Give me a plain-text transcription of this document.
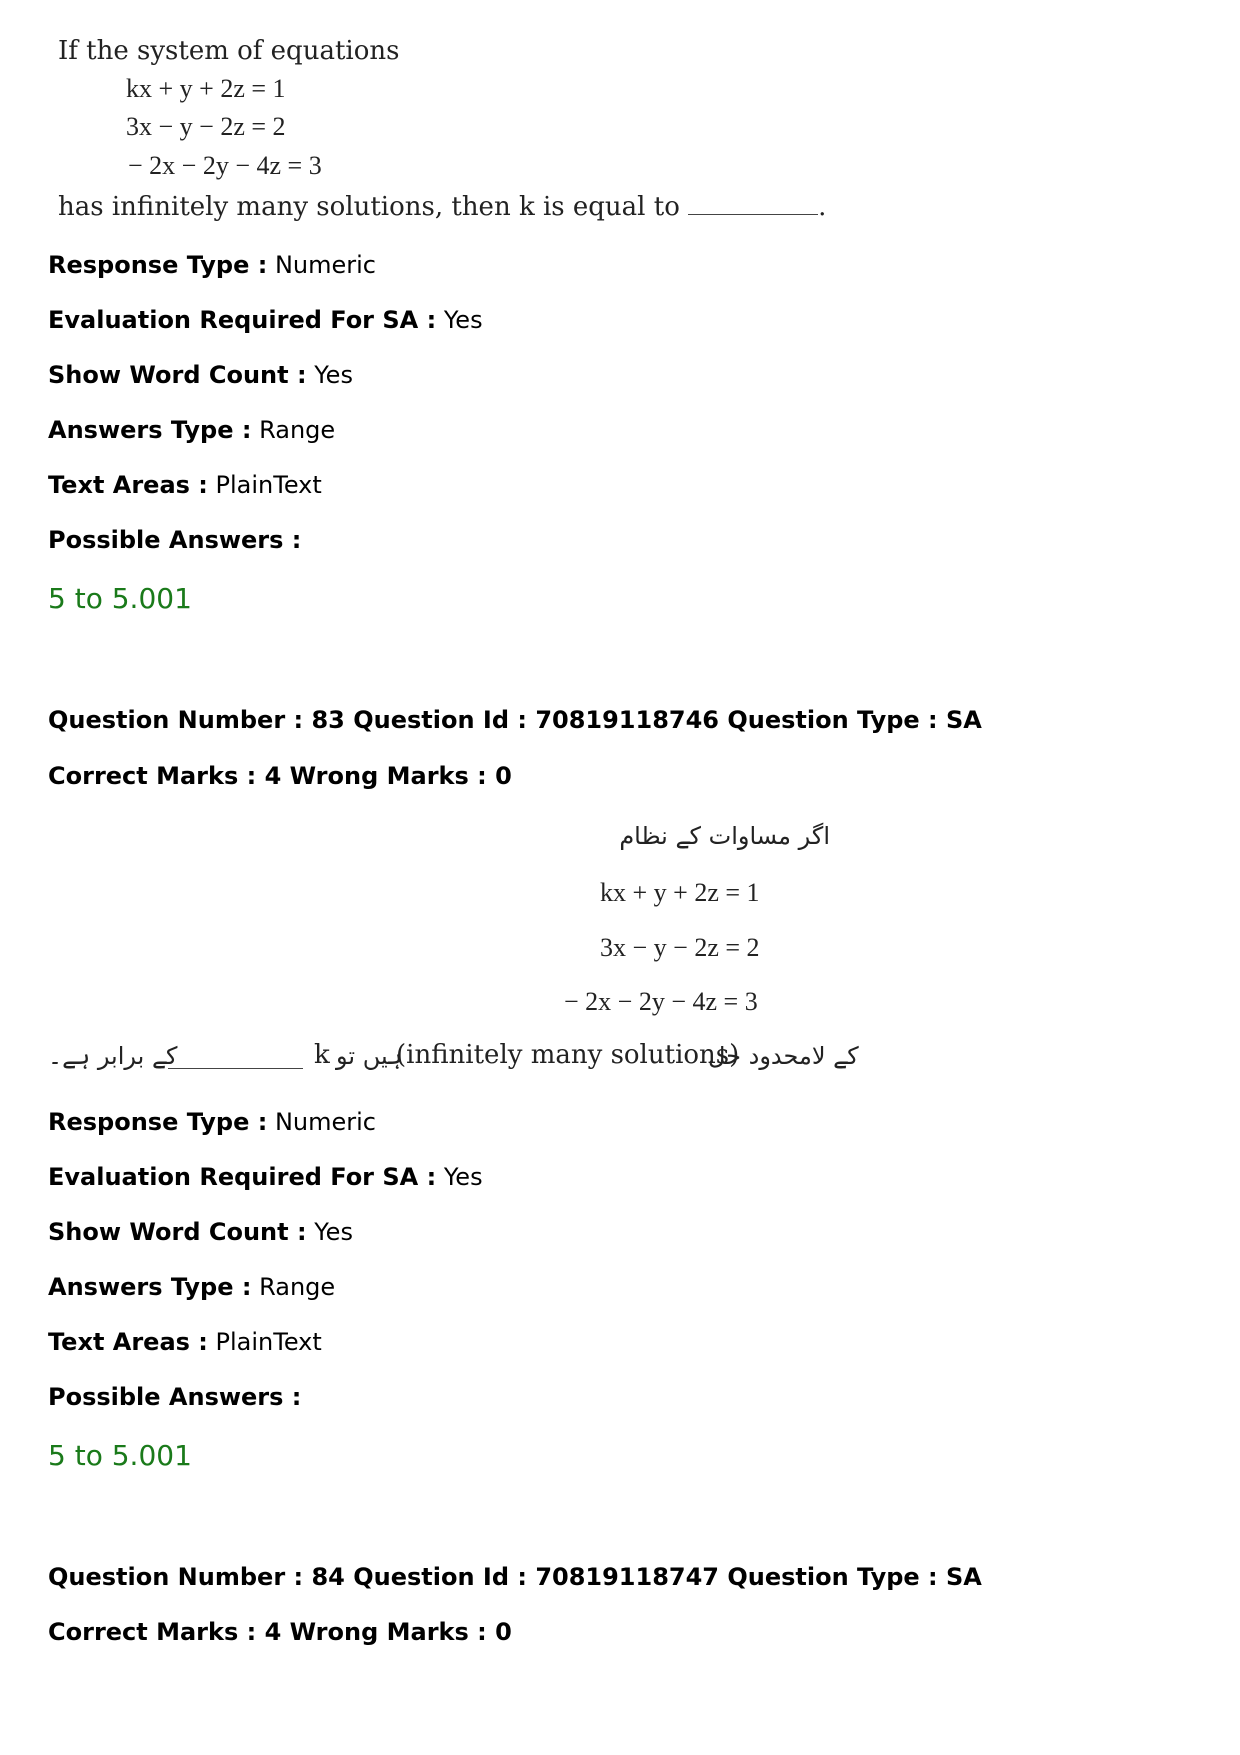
If the system of equations
kx + y + 2z = 1
3x − y − 2z = 2
− 2x − 2y − 4z = 3
has infinitely many solutions, then k is equal to	.
Response Type : Numeric
Evaluation Required For SA : Yes
Show Word Count : Yes
Answers Type : Range
Text Areas : PlainText
Possible Answers :
5 to 5.001
Question Number : 83 Question Id : 70819118746 Question Type : SA
Correct Marks : 4 Wrong Marks : 0
اگر مساوات کے نظام
kx + y + 2z = 1
3x − y − 2z = 2
− 2x − 2y − 4z = 3
کے برابر ہے۔	k ہیں تو
(infinitely many solutions)
کے لامحدود حل
Response Type : Numeric
Evaluation Required For SA : Yes
Show Word Count : Yes
Answers Type : Range
Text Areas : PlainText
Possible Answers :
5 to 5.001
Question Number : 84 Question Id : 70819118747 Question Type : SA
Correct Marks : 4 Wrong Marks : 0
